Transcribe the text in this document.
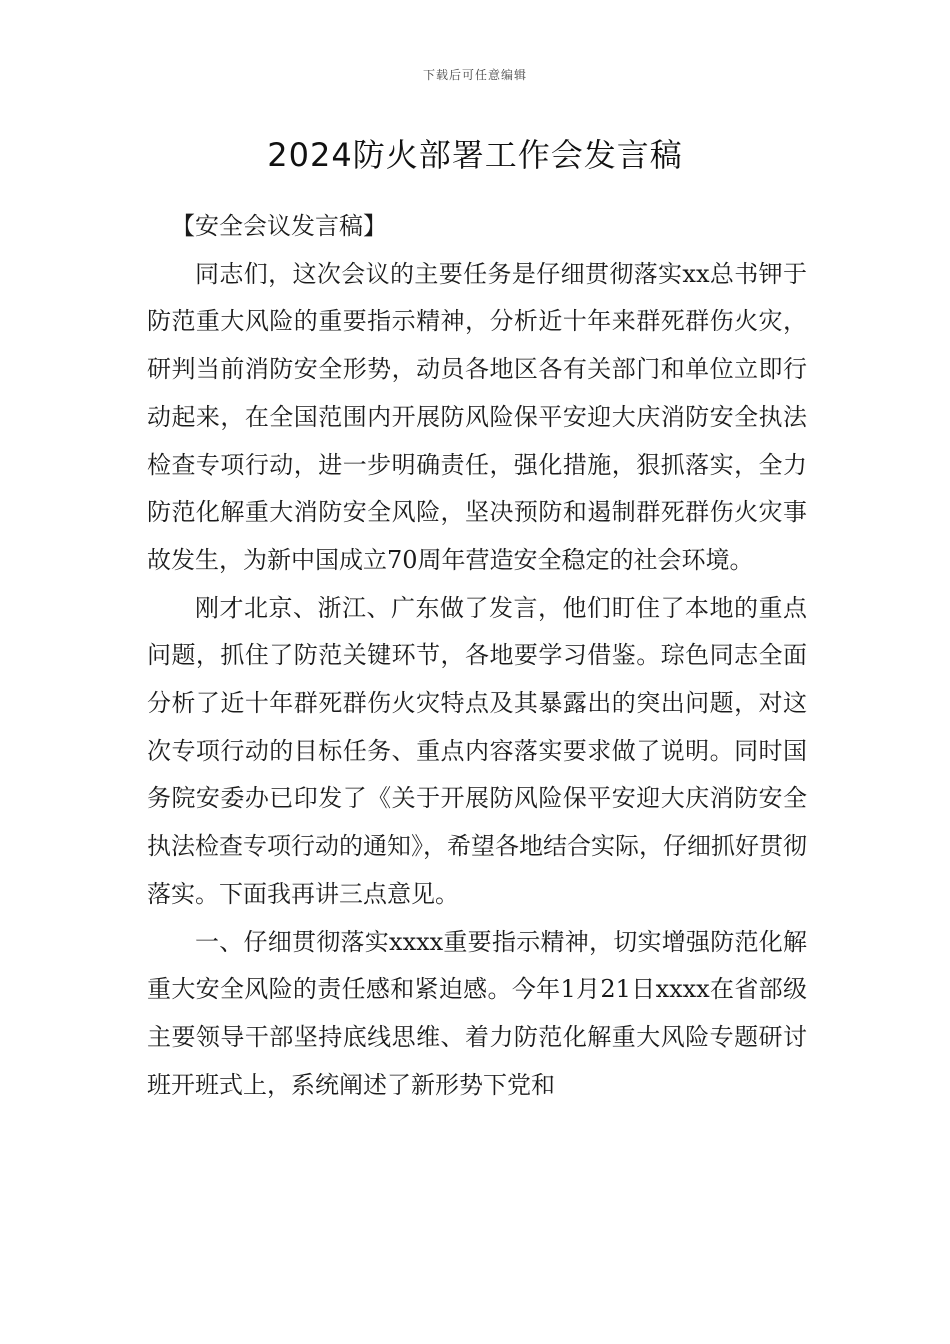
下载后可任意编辑
2024防火部署工作会发言稿

【安全会议发言稿】

同志们，这次会议的主要任务是仔细贯彻落实xx总书钾于防范重大风险的重要指示精神，分析近十年来群死群伤火灾，研判当前消防安全形势，动员各地区各有关部门和单位立即行动起来，在全国范围内开展防风险保平安迎大庆消防安全执法检查专项行动，进一步明确责任，强化措施，狠抓落实，全力防范化解重大消防安全风险，坚决预防和遏制群死群伤火灾事故发生，为新中国成立70周年营造安全稳定的社会环境。

刚才北京、浙江、广东做了发言，他们盯住了本地的重点问题，抓住了防范关键环节，各地要学习借鉴。琮色同志全面分析了近十年群死群伤火灾特点及其暴露出的突出问题，对这次专项行动的目标任务、重点内容落实要求做了说明。同时国务院安委办已印发了《关于开展防风险保平安迎大庆消防安全执法检查专项行动的通知》，希望各地结合实际，仔细抓好贯彻落实。下面我再讲三点意见。

一、仔细贯彻落实xxxx重要指示精神，切实增强防范化解重大安全风险的责任感和紧迫感。今年1月21日xxxx在省部级主要领导干部坚持底线思维、着力防范化解重大风险专题研讨班开班式上，系统阐述了新形势下党和
